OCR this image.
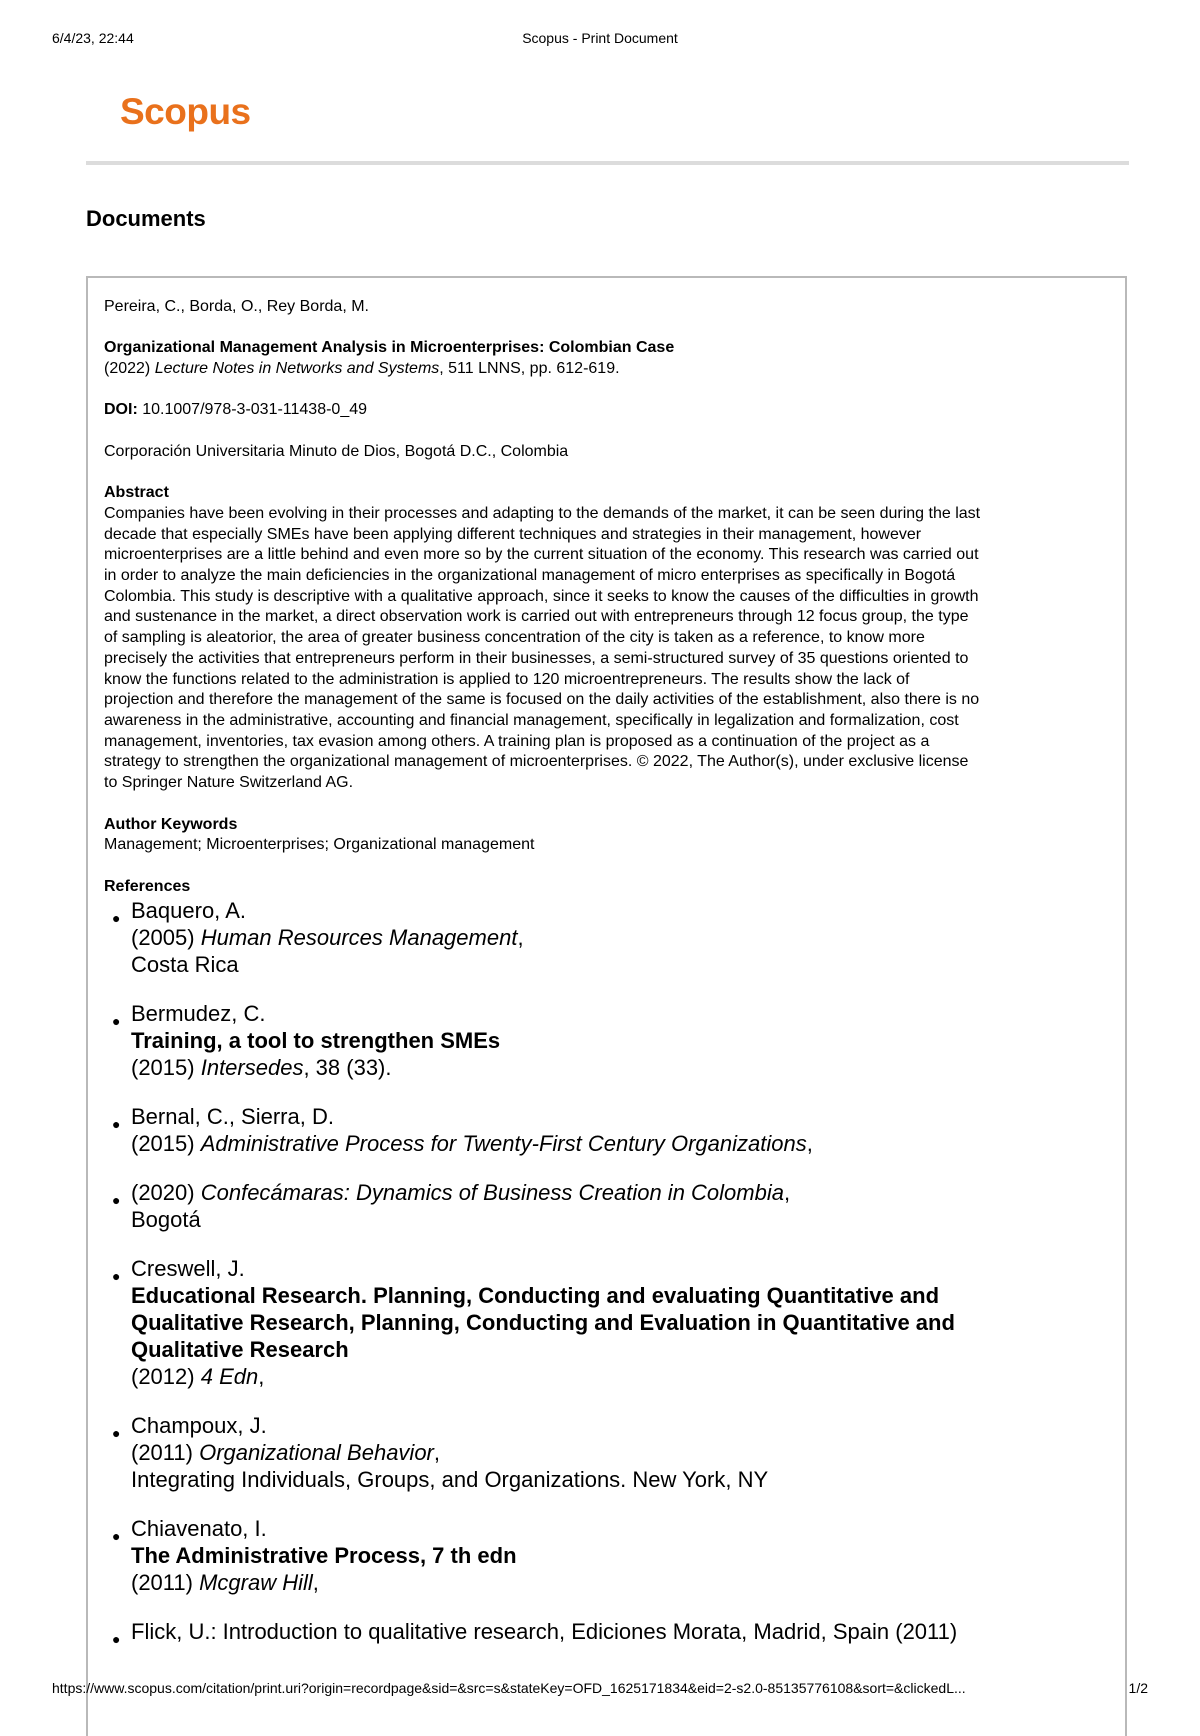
6/4/23, 22:44	Scopus - Print Document
Scopus
Documents

Pereira, C., Borda, O., Rey Borda, M.

Organizational Management Analysis in Microenterprises: Colombian Case

(2022) Lecture Notes in Networks and Systems, 511 LNNS, pp. 612-619.

DOI: 10.1007/978-3-031-11438-0_49

Corporación Universitaria Minuto de Dios, Bogotá D.C., Colombia

Abstract

Companies have been evolving in their processes and adapting to the demands of the market, it can be seen during the last
decade that especially SMEs have been applying different techniques and strategies in their management, however
microenterprises are a little behind and even more so by the current situation of the economy. This research was carried out
in order to analyze the main deficiencies in the organizational management of micro enterprises as specifically in Bogotá
Colombia. This study is descriptive with a qualitative approach, since it seeks to know the causes of the difficulties in growth
and sustenance in the market, a direct observation work is carried out with entrepreneurs through 12 focus group, the type
of sampling is aleatorior, the area of greater business concentration of the city is taken as a reference, to know more
precisely the activities that entrepreneurs perform in their businesses, a semi-structured survey of 35 questions oriented to
know the functions related to the administration is applied to 120 microentrepreneurs. The results show the lack of
projection and therefore the management of the same is focused on the daily activities of the establishment, also there is no
awareness in the administrative, accounting and financial management, specifically in legalization and formalization, cost
management, inventories, tax evasion among others. A training plan is proposed as a continuation of the project as a
strategy to strengthen the organizational management of microenterprises. © 2022, The Author(s), under exclusive license
to Springer Nature Switzerland AG.

Author Keywords

Management; Microenterprises; Organizational management

References

● Baquero, A.
(2005) Human Resources Management,
Costa Rica
● Bermudez, C.
Training, a tool to strengthen SMEs
(2015) Intersedes, 38 (33).
● Bernal, C., Sierra, D.
(2015) Administrative Process for Twenty-First Century Organizations,
● (2020) Confecámaras: Dynamics of Business Creation in Colombia,
Bogotá
● Creswell, J.
Educational Research. Planning, Conducting and evaluating Quantitative and
Qualitative Research, Planning, Conducting and Evaluation in Quantitative and
Qualitative Research
(2012) 4 Edn,
● Champoux, J.
(2011) Organizational Behavior,
Integrating Individuals, Groups, and Organizations. New York, NY
● Chiavenato, I.
The Administrative Process, 7 th edn
(2011) Mcgraw Hill,
● Flick, U.: Introduction to qualitative research, Ediciones Morata, Madrid, Spain (2011)
https://www.scopus.com/citation/print.uri?origin=recordpage&sid=&src=s&stateKey=OFD_1625171834&eid=2-s2.0-85135776108&sort=&clickedL...	1/2
